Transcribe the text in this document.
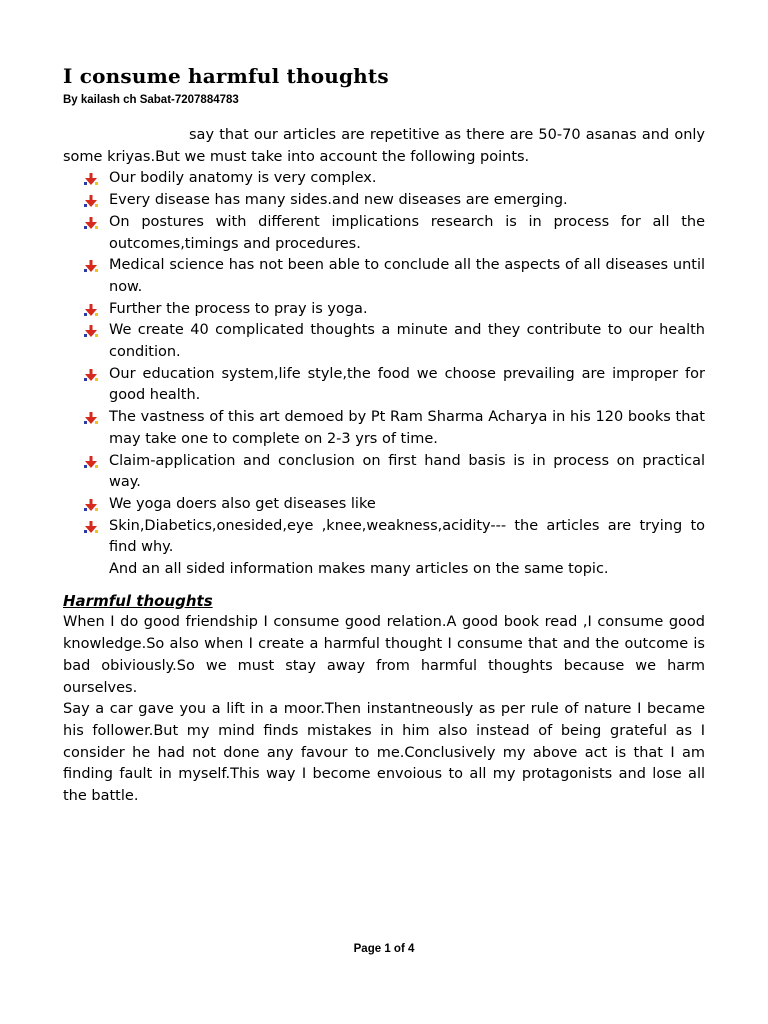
I consume harmful thoughts
By kailash ch Sabat-7207884783

say that our articles are repetitive as there are 50-70 asanas and only some kriyas.But we must take into account the following points.

Our bodily anatomy is very complex.
Every disease has many sides.and new diseases are emerging.
On postures with different implications research is in process for all the outcomes,timings and procedures.
Medical science has not been able to conclude all the aspects of all diseases until now.
Further the process to pray is yoga.
We create 40 complicated thoughts a minute and they contribute to our health condition.
Our education system,life style,the food we choose prevailing are improper for good health.
The vastness of this art demoed by Pt Ram Sharma Acharya in his 120 books that may take one to complete on 2-3 yrs of time.
Claim-application and conclusion on first hand basis is in process on practical way.
We yoga doers also get diseases like
Skin,Diabetics,onesided,eye ,knee,weakness,acidity--- the articles are trying to find why.

And an all sided information makes many articles on the same topic.

Harmful thoughts

When I do good friendship I consume good relation.A good book read ,I consume good knowledge.So also when I create a harmful thought I consume that and the outcome is bad obiviously.So we must stay away from harmful thoughts because we harm ourselves.

Say a car gave you a lift in a moor.Then instantneously as per rule of nature I became his follower.But my mind finds mistakes in him also instead of being grateful as I consider he had not done any favour to me.Conclusively my above act is that I am finding fault in myself.This way I become envoious to all my protagonists and lose all the battle.

Page 1 of 4
